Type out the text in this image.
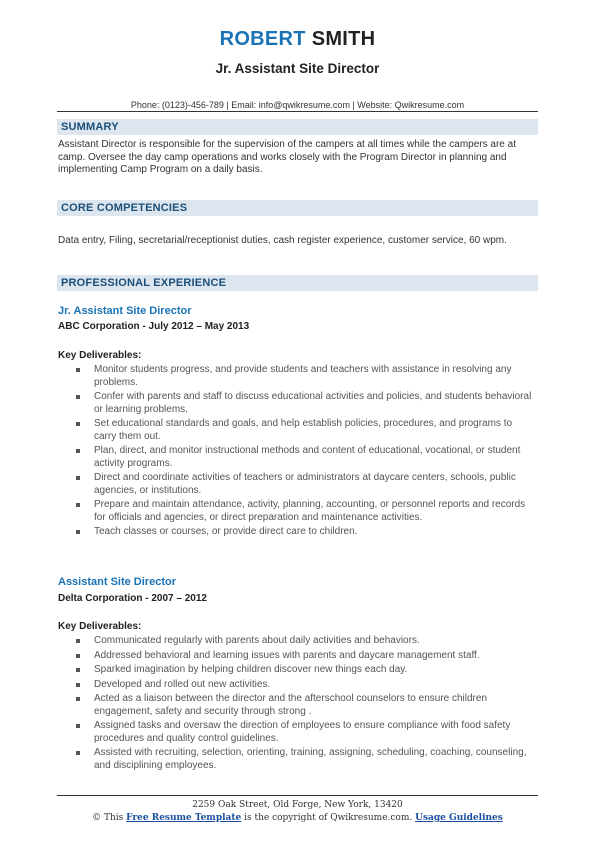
ROBERT SMITH
Jr. Assistant Site Director
Phone: (0123)-456-789 | Email: info@qwikresume.com | Website: Qwikresume.com
SUMMARY
Assistant Director is responsible for the supervision of the campers at all times while the campers are at camp. Oversee the day camp operations and works closely with the Program Director in planning and implementing Camp Program on a daily basis.
CORE COMPETENCIES
Data entry, Filing, secretarial/receptionist duties, cash register experience, customer service, 60 wpm.
PROFESSIONAL EXPERIENCE
Jr. Assistant Site Director
ABC Corporation - July 2012 – May 2013
Key Deliverables:
Monitor students progress, and provide students and teachers with assistance in resolving any problems.
Confer with parents and staff to discuss educational activities and policies, and students behavioral or learning problems.
Set educational standards and goals, and help establish policies, procedures, and programs to carry them out.
Plan, direct, and monitor instructional methods and content of educational, vocational, or student activity programs.
Direct and coordinate activities of teachers or administrators at daycare centers, schools, public agencies, or institutions.
Prepare and maintain attendance, activity, planning, accounting, or personnel reports and records for officials and agencies, or direct preparation and maintenance activities.
Teach classes or courses, or provide direct care to children.
Assistant Site Director
Delta Corporation - 2007 – 2012
Key Deliverables:
Communicated regularly with parents about daily activities and behaviors.
Addressed behavioral and learning issues with parents and daycare management staff.
Sparked imagination by helping children discover new things each day.
Developed and rolled out new activities.
Acted as a liaison between the director and the afterschool counselors to ensure children engagement, safety and security through strong .
Assigned tasks and oversaw the direction of employees to ensure compliance with food safety procedures and quality control guidelines.
Assisted with recruiting, selection, orienting, training, assigning, scheduling, coaching, counseling, and disciplining employees.
2259 Oak Street, Old Forge, New York, 13420
© This Free Resume Template is the copyright of Qwikresume.com. Usage Guidelines
